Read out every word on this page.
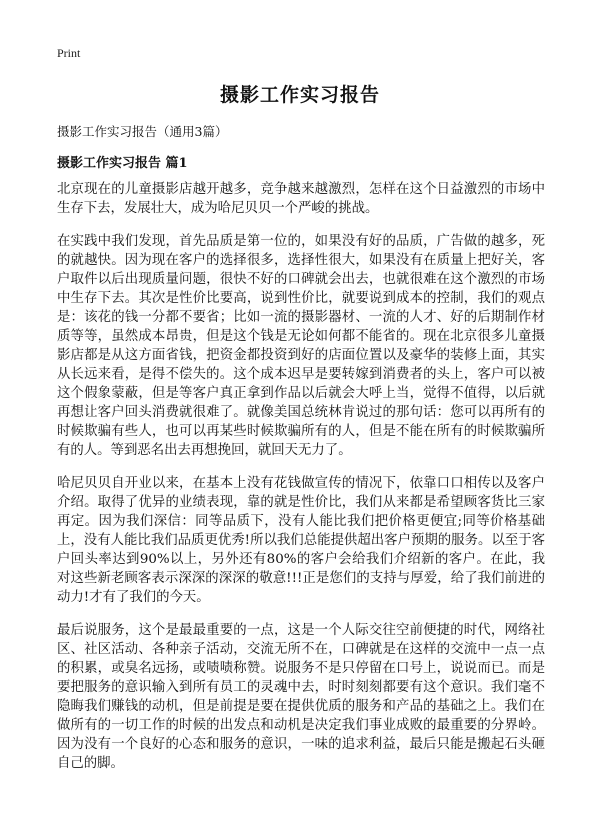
Print
摄影工作实习报告

摄影工作实习报告（通用3篇）

摄影工作实习报告 篇1

北京现在的儿童摄影店越开越多，竞争越来越激烈，怎样在这个日益激烈的市场中生存下去，发展壮大，成为哈尼贝贝一个严峻的挑战。

在实践中我们发现，首先品质是第一位的，如果没有好的品质，广告做的越多，死的就越快。因为现在客户的选择很多，选择性很大，如果没有在质量上把好关，客户取件以后出现质量问题，很快不好的口碑就会出去，也就很难在这个激烈的市场中生存下去。其次是性价比要高，说到性价比，就要说到成本的控制，我们的观点是：该花的钱一分都不要省；比如一流的摄影器材、一流的人才、好的后期制作材质等等，虽然成本昂贵，但是这个钱是无论如何都不能省的。现在北京很多儿童摄影店都是从这方面省钱，把资金都投资到好的店面位置以及豪华的装修上面，其实从长远来看，是得不偿失的。这个成本迟早是要转嫁到消费者的头上，客户可以被这个假象蒙蔽，但是等客户真正拿到作品以后就会大呼上当，觉得不值得，以后就再想让客户回头消费就很难了。就像美国总统林肯说过的那句话：您可以再所有的时候欺骗有些人，也可以再某些时候欺骗所有的人，但是不能在所有的时候欺骗所有的人。等到恶名出去再想挽回，就回天无力了。

哈尼贝贝自开业以来，在基本上没有花钱做宣传的情况下，依靠口口相传以及客户介绍。取得了优异的业绩表现，靠的就是性价比，我们从来都是希望顾客货比三家再定。因为我们深信：同等品质下，没有人能比我们把价格更便宜;同等价格基础上，没有人能比我们品质更优秀!所以我们总能提供超出客户预期的服务。以至于客户回头率达到90%以上，另外还有80%的客户会给我们介绍新的客户。在此，我对这些新老顾客表示深深的深深的敬意!!!正是您们的支持与厚爱，给了我们前进的动力!才有了我们的今天。

最后说服务，这个是最最重要的一点，这是一个人际交往空前便捷的时代，网络社区、社区活动、各种亲子活动，交流无所不在，口碑就是在这样的交流中一点一点的积累，或臭名远扬，或啧啧称赞。说服务不是只停留在口号上，说说而已。而是要把服务的意识输入到所有员工的灵魂中去，时时刻刻都要有这个意识。我们毫不隐晦我们赚钱的动机，但是前提是要在提供优质的服务和产品的基础之上。我们在做所有的一切工作的时候的出发点和动机是决定我们事业成败的最重要的分界岭。因为没有一个良好的心态和服务的意识，一味的追求利益，最后只能是搬起石头砸自己的脚。
